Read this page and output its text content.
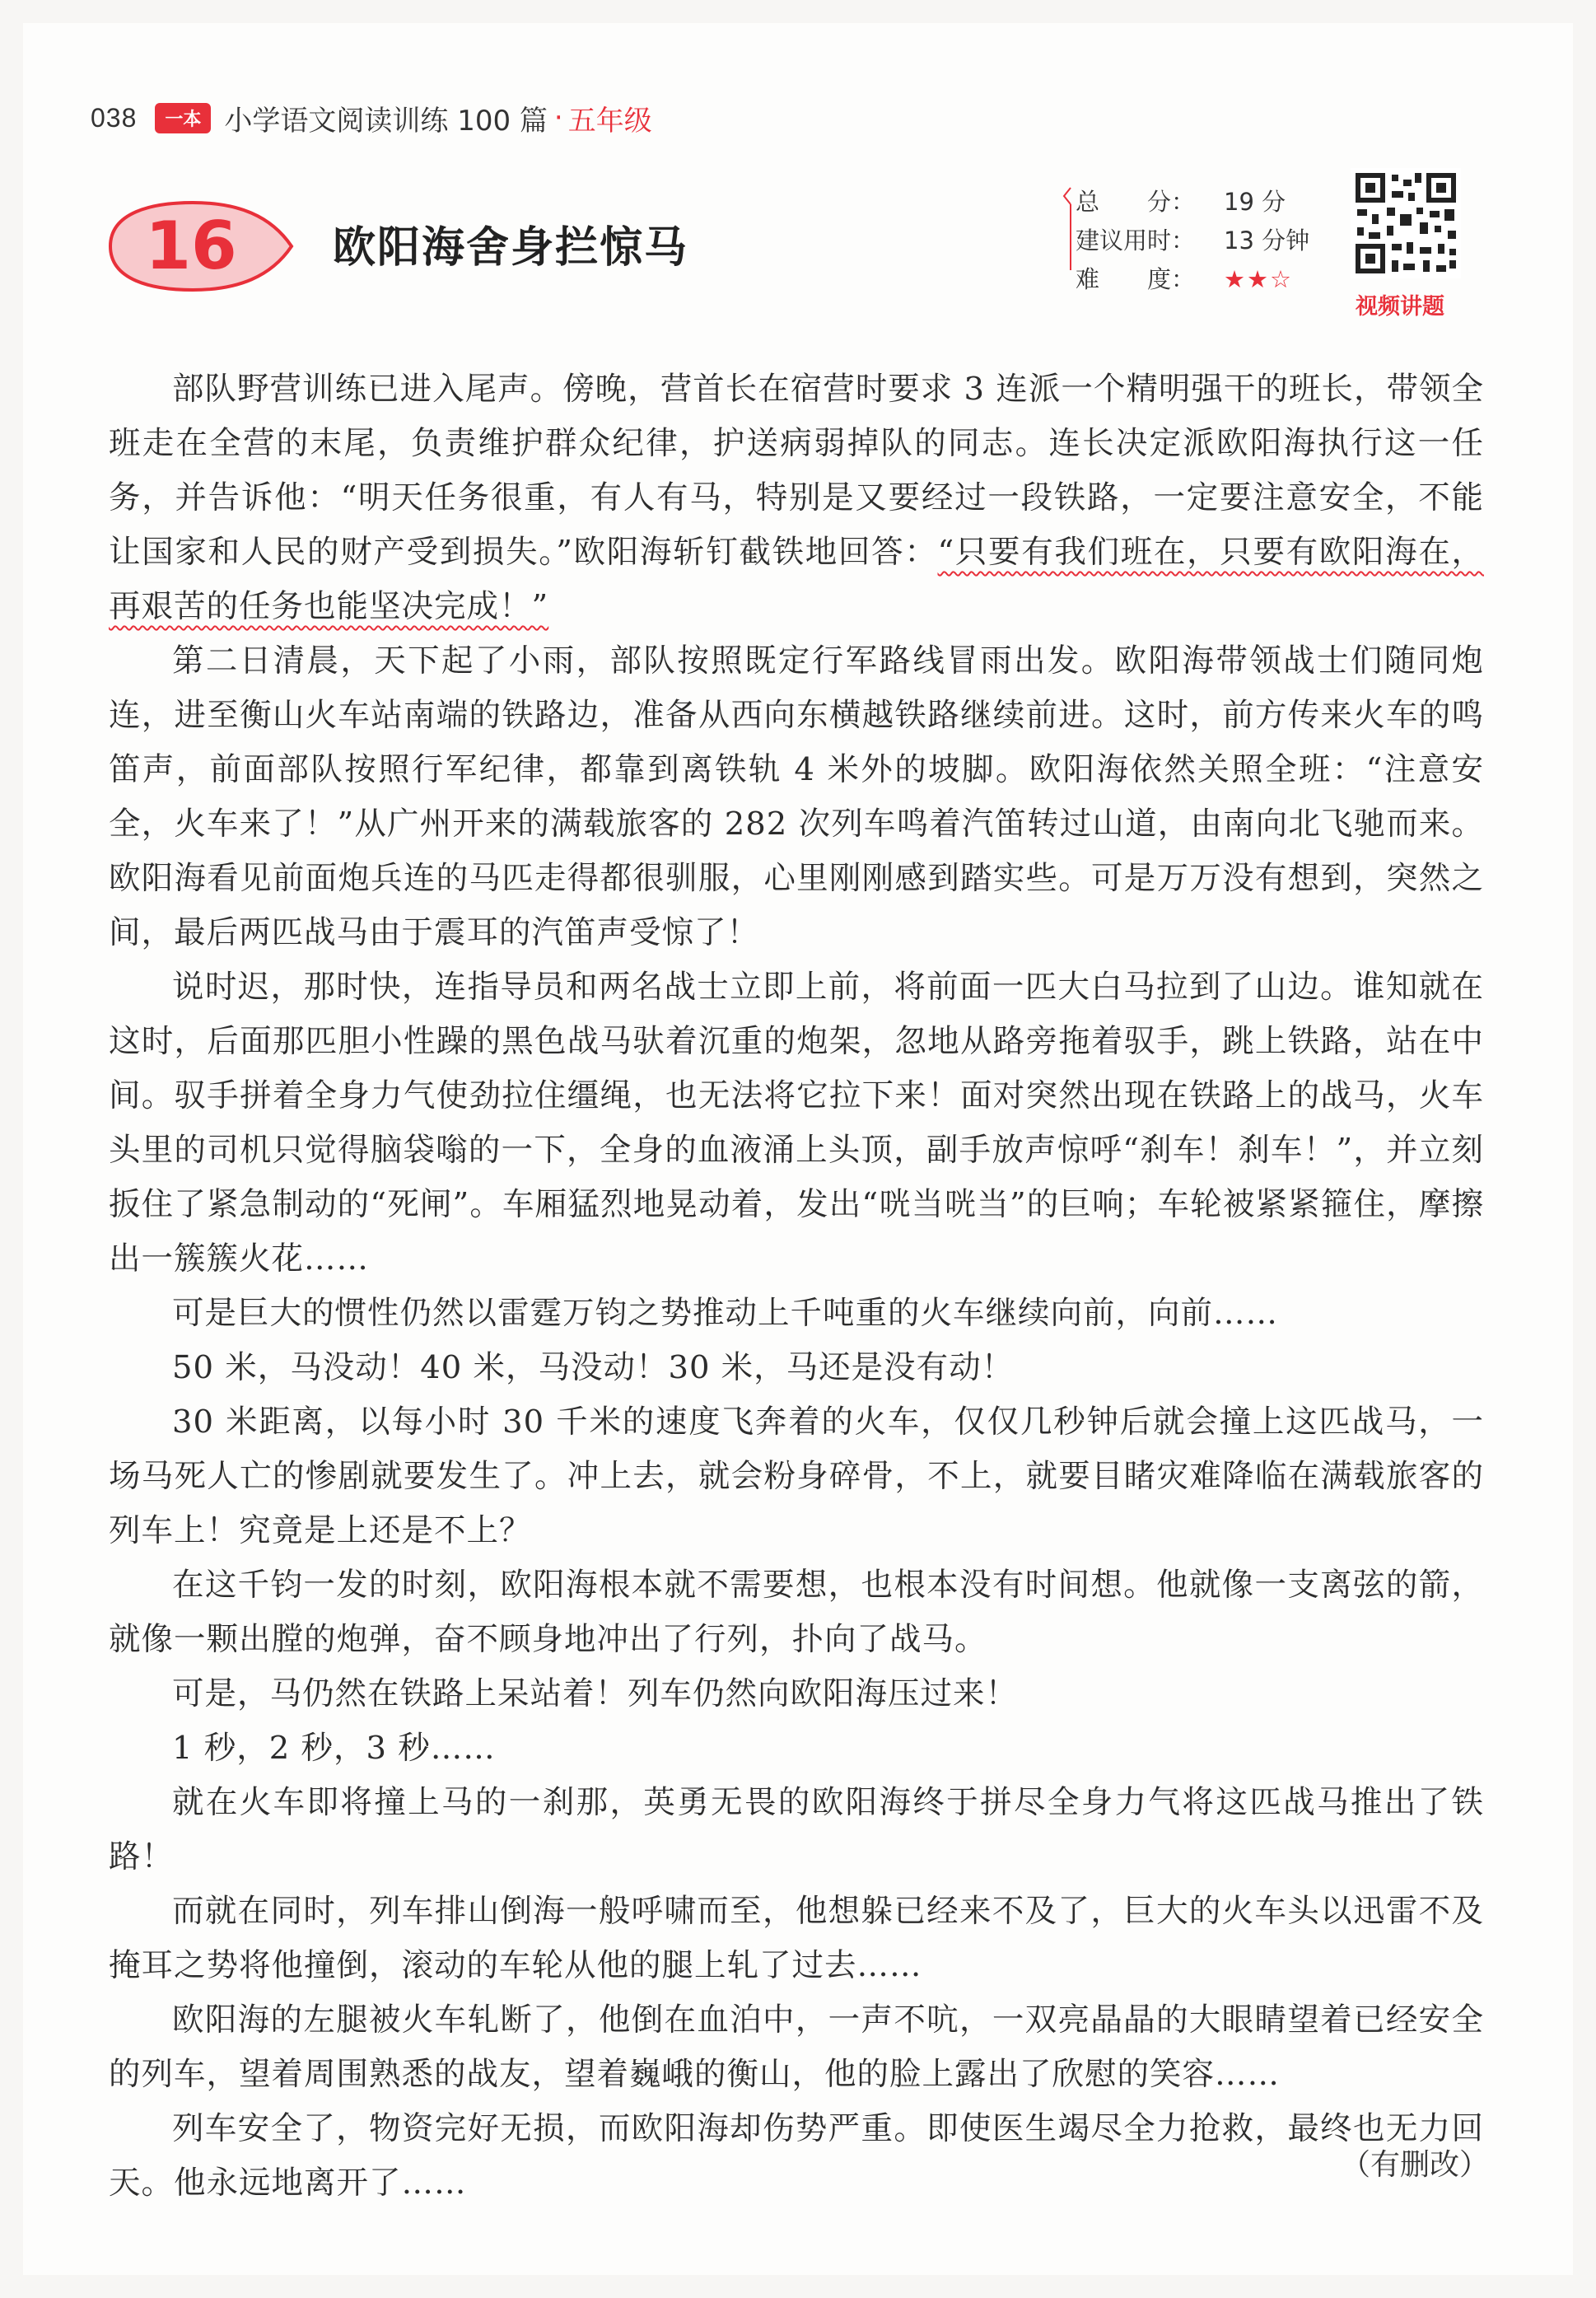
038	一本 小学语文阅读训练 100 篇 · 五年级
16 欧阳海舍身拦惊马
总　　分： 19 分
建议用时： 13 分钟
难　　度： ★★☆
视频讲题

部队野营训练已进入尾声。傍晚，营首长在宿营时要求 3 连派一个精明强干的班长，带领全班走在全营的末尾，负责维护群众纪律，护送病弱掉队的同志。连长决定派欧阳海执行这一任务，并告诉他：“明天任务很重，有人有马，特别是又要经过一段铁路，一定要注意安全，不能让国家和人民的财产受到损失。”欧阳海斩钉截铁地回答：“只要有我们班在，只要有欧阳海在，再艰苦的任务也能坚决完成！”

第二日清晨，天下起了小雨，部队按照既定行军路线冒雨出发。欧阳海带领战士们随同炮连，进至衡山火车站南端的铁路边，准备从西向东横越铁路继续前进。这时，前方传来火车的鸣笛声，前面部队按照行军纪律，都靠到离铁轨 4 米外的坡脚。欧阳海依然关照全班：“注意安全，火车来了！”从广州开来的满载旅客的 282 次列车鸣着汽笛转过山道，由南向北飞驰而来。欧阳海看见前面炮兵连的马匹走得都很驯服，心里刚刚感到踏实些。可是万万没有想到，突然之间，最后两匹战马由于震耳的汽笛声受惊了！

说时迟，那时快，连指导员和两名战士立即上前，将前面一匹大白马拉到了山边。谁知就在这时，后面那匹胆小性躁的黑色战马驮着沉重的炮架，忽地从路旁拖着驭手，跳上铁路，站在中间。驭手拼着全身力气使劲拉住缰绳，也无法将它拉下来！面对突然出现在铁路上的战马，火车头里的司机只觉得脑袋嗡的一下，全身的血液涌上头顶，副手放声惊呼“刹车！刹车！”，并立刻扳住了紧急制动的“死闸”。车厢猛烈地晃动着，发出“咣当咣当”的巨响；车轮被紧紧箍住，摩擦出一簇簇火花……

可是巨大的惯性仍然以雷霆万钧之势推动上千吨重的火车继续向前，向前……

50 米，马没动！40 米，马没动！30 米，马还是没有动！

30 米距离，以每小时 30 千米的速度飞奔着的火车，仅仅几秒钟后就会撞上这匹战马，一场马死人亡的惨剧就要发生了。冲上去，就会粉身碎骨，不上，就要目睹灾难降临在满载旅客的列车上！究竟是上还是不上？

在这千钧一发的时刻，欧阳海根本就不需要想，也根本没有时间想。他就像一支离弦的箭，就像一颗出膛的炮弹，奋不顾身地冲出了行列，扑向了战马。

可是，马仍然在铁路上呆站着！列车仍然向欧阳海压过来！

1 秒，2 秒，3 秒……

就在火车即将撞上马的一刹那，英勇无畏的欧阳海终于拼尽全身力气将这匹战马推出了铁路！

而就在同时，列车排山倒海一般呼啸而至，他想躲已经来不及了，巨大的火车头以迅雷不及掩耳之势将他撞倒，滚动的车轮从他的腿上轧了过去……

欧阳海的左腿被火车轧断了，他倒在血泊中，一声不吭，一双亮晶晶的大眼睛望着已经安全的列车，望着周围熟悉的战友，望着巍峨的衡山，他的脸上露出了欣慰的笑容……

列车安全了，物资完好无损，而欧阳海却伤势严重。即使医生竭尽全力抢救，最终也无力回天。他永远地离开了……	（有删改）
